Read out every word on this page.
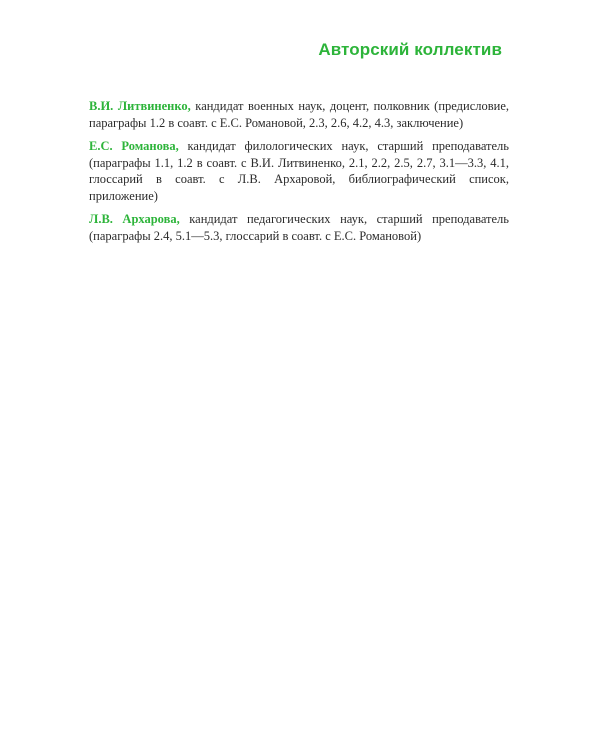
Авторский коллектив

В.И. Литвиненко, кандидат военных наук, доцент, полковник (предисловие, параграфы 1.2 в соавт. с Е.С. Романовой, 2.3, 2.6, 4.2, 4.3, заключение)

Е.С. Романова, кандидат филологических наук, старший преподаватель (параграфы 1.1, 1.2 в соавт. с В.И. Литвиненко, 2.1, 2.2, 2.5, 2.7, 3.1—3.3, 4.1, глоссарий в соавт. с Л.В. Архаровой, библиографический список, приложение)

Л.В. Архарова, кандидат педагогических наук, старший преподаватель (параграфы 2.4, 5.1—5.3, глоссарий в соавт. с Е.С. Романовой)
